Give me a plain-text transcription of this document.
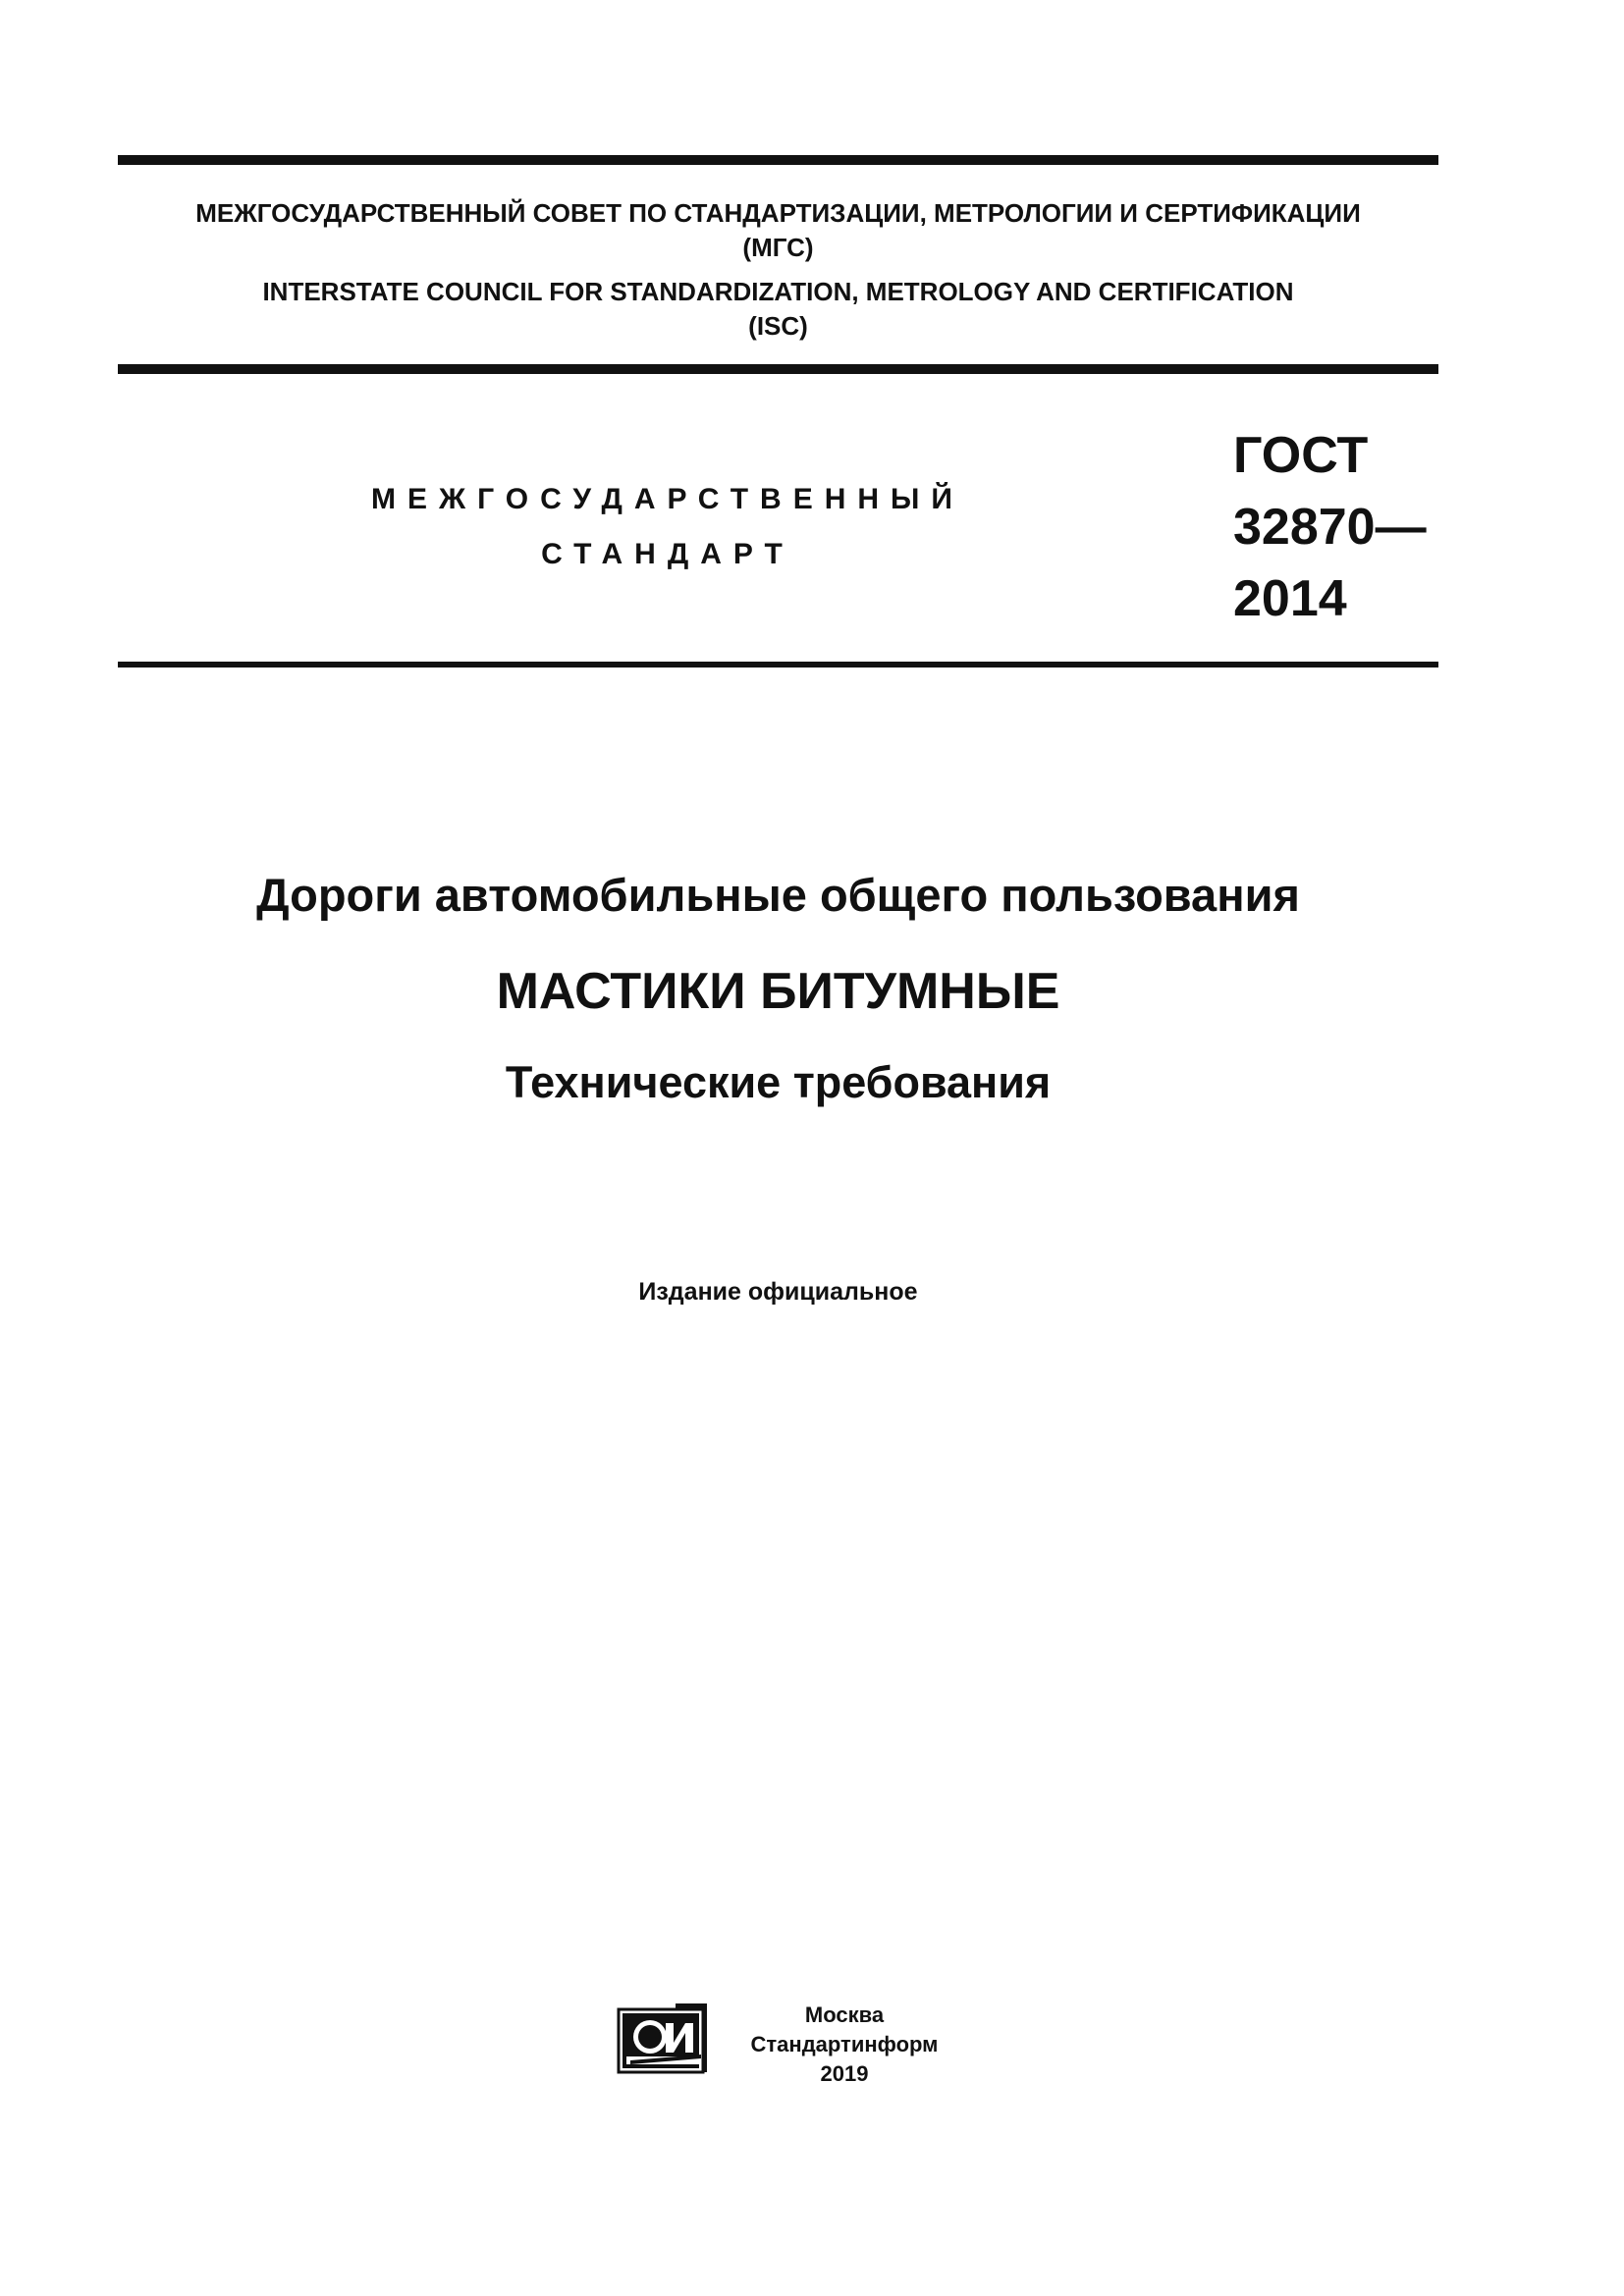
МЕЖГОСУДАРСТВЕННЫЙ СОВЕТ ПО СТАНДАРТИЗАЦИИ, МЕТРОЛОГИИ И СЕРТИФИКАЦИИ
(МГС)
INTERSTATE COUNCIL FOR STANDARDIZATION, METROLOGY AND CERTIFICATION
(ISC)
МЕЖГОСУДАРСТВЕННЫЙ
СТАНДАРТ
ГОСТ
32870—
2014
Дороги автомобильные общего пользования
МАСТИКИ БИТУМНЫЕ
Технические требования
Издание официальное
Москва
Стандартинформ
2019
